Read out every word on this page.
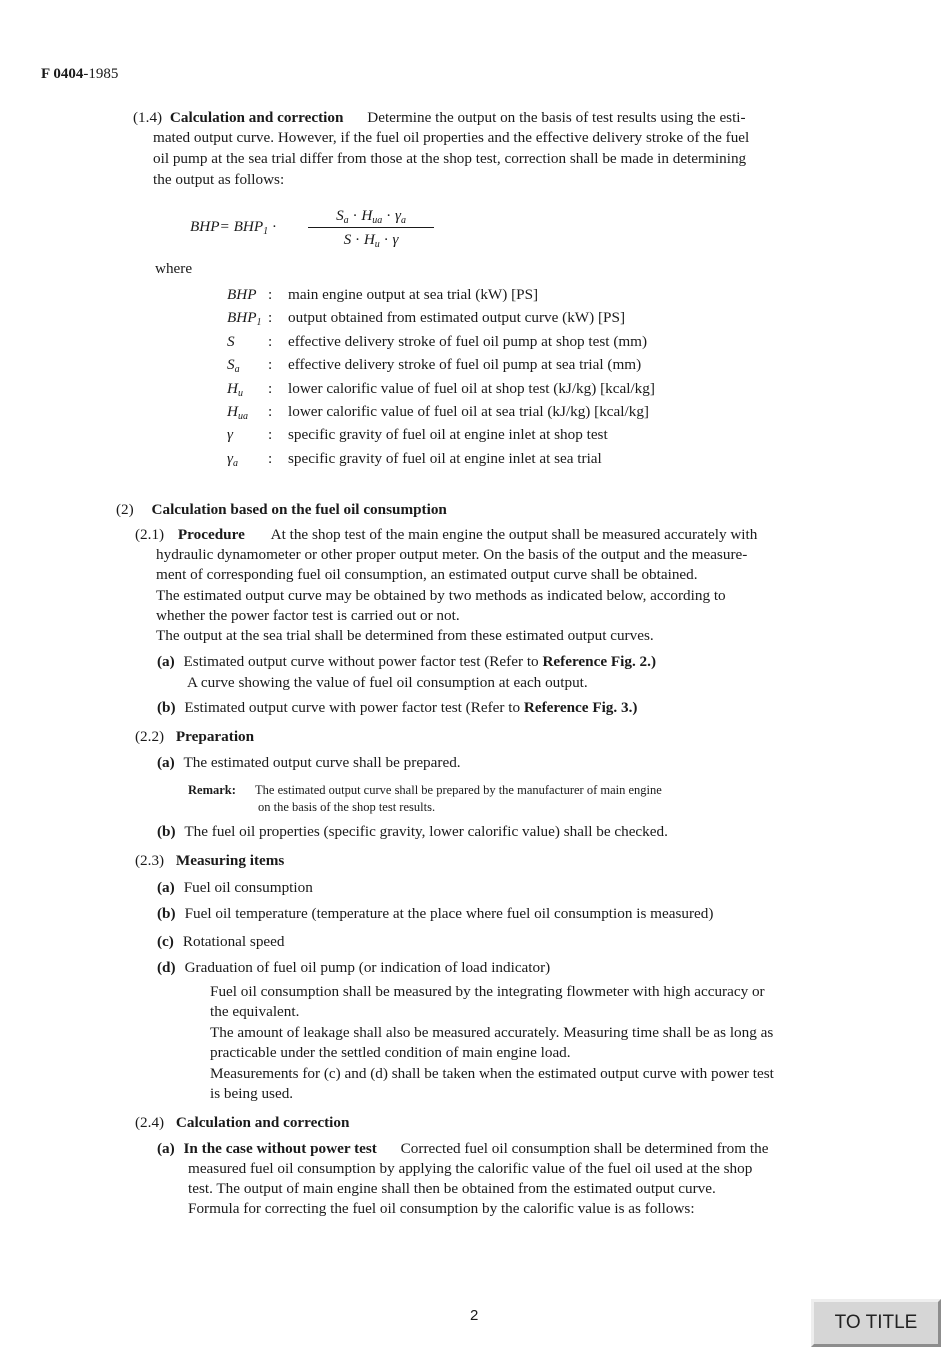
F 0404-1985
(1.4) Calculation and correction Determine the output on the basis of test results using the esti-
mated output curve. However, if the fuel oil properties and the effective delivery stroke of the fuel
oil pump at the sea trial differ from those at the shop test, correction shall be made in determining
the output as follows:
$BHP= BHP_1$ ·
$S_a \cdot H_{ua} \cdot \gamma_a$
$S \cdot H_u \cdot \gamma$
where
BHP : main engine output at sea trial (kW) [PS]
$BHP_1$ : output obtained from estimated output curve (kW) [PS]
S	: effective delivery stroke of fuel oil pump at shop test (mm)
$S_a$	: effective delivery stroke of fuel oil pump at sea trial (mm)
$H_u$	: lower calorific value of fuel oil at shop test (kJ/kg) [kcal/kg]
$H_{ua}$	: lower calorific value of fuel oil at sea trial (kJ/kg) [kcal/kg]
γ	: specific gravity of fuel oil at engine inlet at shop test
$\gamma_a$	: specific gravity of fuel oil at engine inlet at sea trial
(2) Calculation based on the fuel oil consumption
(2.1) Procedure At the shop test of the main engine the output shall be measured accurately with
hydraulic dynamometer or other proper output meter. On the basis of the output and the measure-
ment of corresponding fuel oil consumption, an estimated output curve shall be obtained.
The estimated output curve may be obtained by two methods as indicated below, according to
whether the power factor test is carried out or not.
The output at the sea trial shall be determined from these estimated output curves.
(a) Estimated output curve without power factor test (Refer to Reference Fig. 2.)
A curve showing the value of fuel oil consumption at each output.
(b) Estimated output curve with power factor test (Refer to Reference Fig. 3.)
(2.2) Preparation
(a) The estimated output curve shall be prepared.
Remark: The estimated output curve shall be prepared by the manufacturer of main engine
on the basis of the shop test results.
(b) The fuel oil properties (specific gravity, lower calorific value) shall be checked.
(2.3) Measuring items
(a) Fuel oil consumption
(b) Fuel oil temperature (temperature at the place where fuel oil consumption is measured)
(c) Rotational speed
(d) Graduation of fuel oil pump (or indication of load indicator)
Fuel oil consumption shall be measured by the integrating flowmeter with high accuracy or
the equivalent.
The amount of leakage shall also be measured accurately. Measuring time shall be as long as
practicable under the settled condition of main engine load.
Measurements for (c) and (d) shall be taken when the estimated output curve with power test
is being used.
(2.4) Calculation and correction
(a) In the case without power test Corrected fuel oil consumption shall be determined from the
measured fuel oil consumption by applying the calorific value of the fuel oil used at the shop
test. The output of main engine shall then be obtained from the estimated output curve.
Formula for correcting the fuel oil consumption by the calorific value is as follows:
2	TO TITLE
